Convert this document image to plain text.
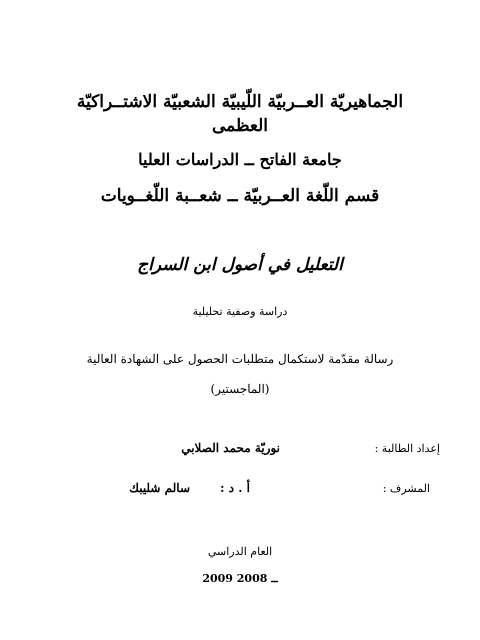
الجماهيريّة العــربيّة اللّيبيّة الشعبيّة الاشتــراكيّة
العظمى
جامعة الفاتح ــ الدراسات العليا
قسم اللّغة العــربيّة ــ شعــبة اللّغــويات
التعليل في أصول ابن السراج
دراسة وصفية تحليلية
رسالة مقدّمة لاستكمال متطلبات الحصول على الشهادة العالية
(الماجستير)
إعداد الطالبة :
نوريّة محمد الصلابي
المشرف :
أ . د :
سالم شليبك
العام الدراسي
2009 ــ 2008
